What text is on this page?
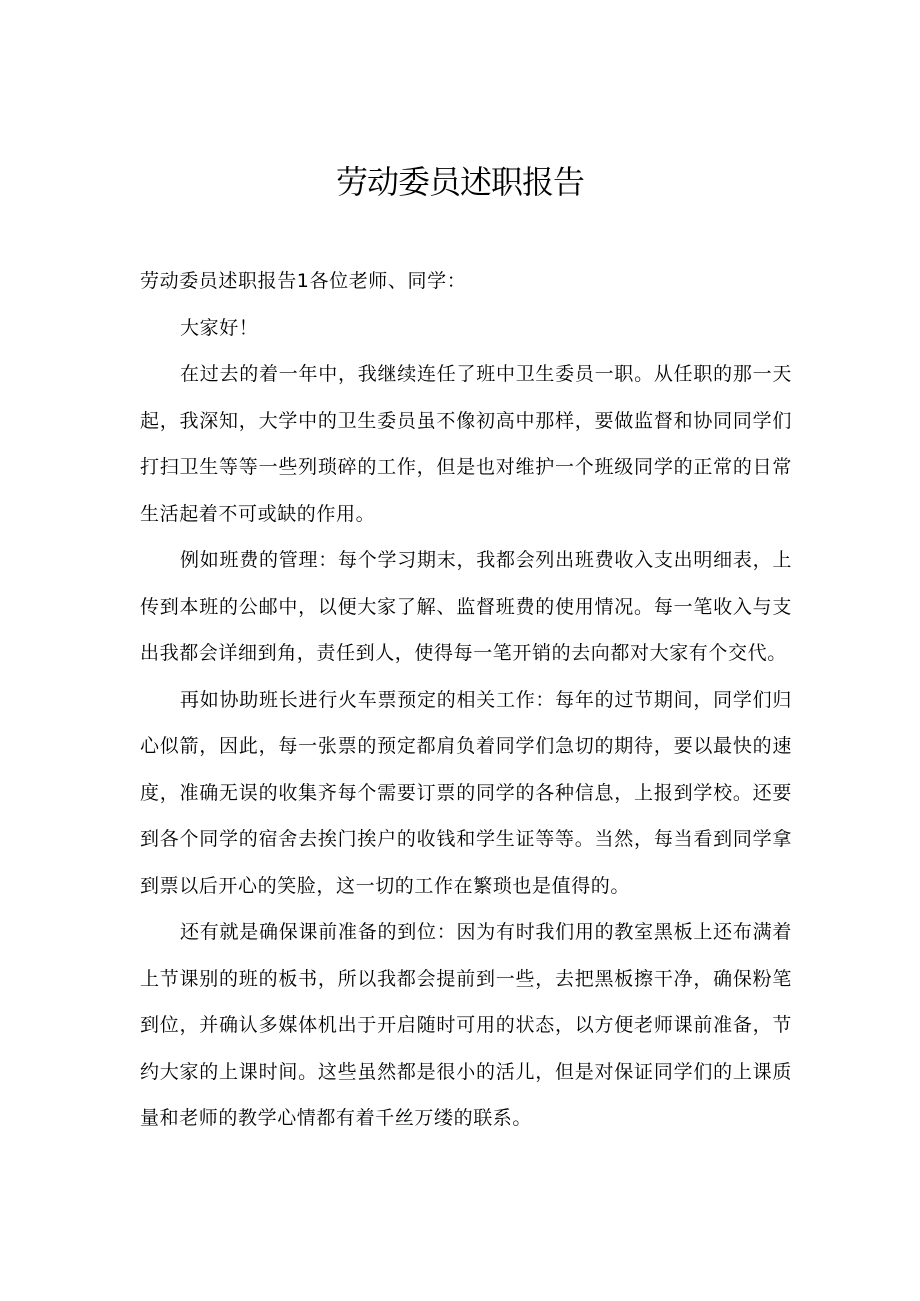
劳动委员述职报告

劳动委员述职报告1各位老师、同学：

大家好！

在过去的着一年中，我继续连任了班中卫生委员一职。从任职的那一天起，我深知，大学中的卫生委员虽不像初高中那样，要做监督和协同同学们打扫卫生等等一些列琐碎的工作，但是也对维护一个班级同学的正常的日常生活起着不可或缺的作用。

例如班费的管理：每个学习期末，我都会列出班费收入支出明细表，上传到本班的公邮中，以便大家了解、监督班费的使用情况。每一笔收入与支出我都会详细到角，责任到人，使得每一笔开销的去向都对大家有个交代。

再如协助班长进行火车票预定的相关工作：每年的过节期间，同学们归心似箭，因此，每一张票的预定都肩负着同学们急切的期待，要以最快的速度，准确无误的收集齐每个需要订票的同学的各种信息，上报到学校。还要到各个同学的宿舍去挨门挨户的收钱和学生证等等。当然，每当看到同学拿到票以后开心的笑脸，这一切的工作在繁琐也是值得的。

还有就是确保课前准备的到位：因为有时我们用的教室黑板上还布满着上节课别的班的板书，所以我都会提前到一些，去把黑板擦干净，确保粉笔到位，并确认多媒体机出于开启随时可用的状态，以方便老师课前准备，节约大家的上课时间。这些虽然都是很小的活儿，但是对保证同学们的上课质量和老师的教学心情都有着千丝万缕的联系。
